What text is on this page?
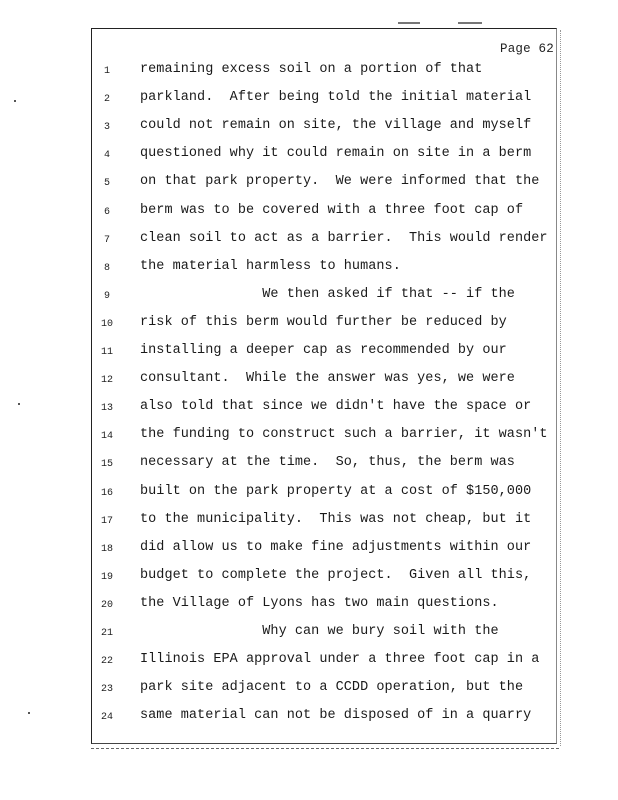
Page 62
1	remaining excess soil on a portion of that
2	parkland.  After being told the initial material
3	could not remain on site, the village and myself
4	questioned why it could remain on site in a berm
5	on that park property.  We were informed that the
6	berm was to be covered with a three foot cap of
7	clean soil to act as a barrier.  This would render
8	the material harmless to humans.
9	We then asked if that -- if the
10	risk of this berm would further be reduced by
11	installing a deeper cap as recommended by our
12	consultant.  While the answer was yes, we were
13	also told that since we didn't have the space or
14	the funding to construct such a barrier, it wasn't
15	necessary at the time.  So, thus, the berm was
16	built on the park property at a cost of $150,000
17	to the municipality.  This was not cheap, but it
18	did allow us to make fine adjustments within our
19	budget to complete the project.  Given all this,
20	the Village of Lyons has two main questions.
21	Why can we bury soil with the
22	Illinois EPA approval under a three foot cap in a
23	park site adjacent to a CCDD operation, but the
24	same material can not be disposed of in a quarry
